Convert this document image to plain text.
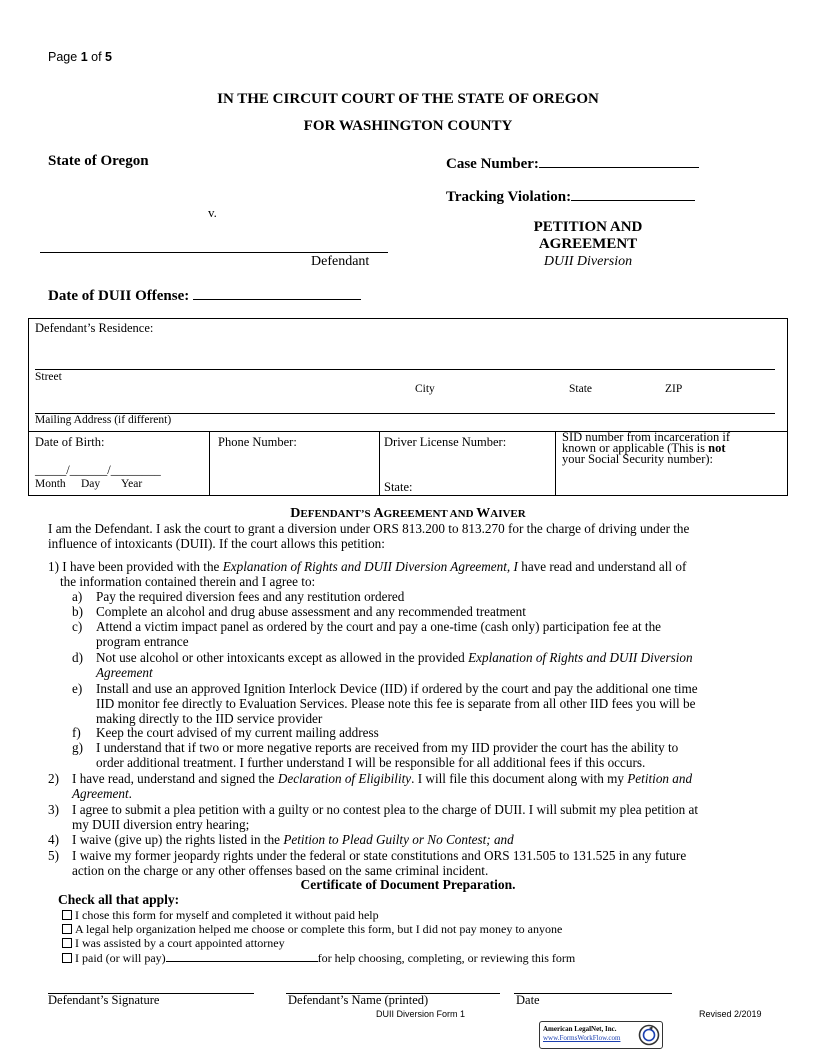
Page 1 of 5
IN THE CIRCUIT COURT OF THE STATE OF OREGON
FOR WASHINGTON COUNTY
State of Oregon	Case Number:
Tracking Violation:
v.
Defendant
PETITION AND
AGREEMENT
DUII Diversion
Date of DUII Offense:
Defendant’s Residence:
Street
City	State	ZIP
Mailing Address (if different)
Date of Birth:
_____/______/________
Month Day Year
Phone Number:	Driver License Number:
State:
SID number from incarceration if
known or applicable (This is not
your Social Security number):
DEFENDANT’S AGREEMENT AND WAIVER
I am the Defendant. I ask the court to grant a diversion under ORS 813.200 to 813.270 for the charge of driving under the
influence of intoxicants (DUII). If the court allows this petition:
1) I have been provided with the Explanation of Rights and DUII Diversion Agreement, I have read and understand all of
the information contained therein and I agree to:
a) Pay the required diversion fees and any restitution ordered
b) Complete an alcohol and drug abuse assessment and any recommended treatment
c) Attend a victim impact panel as ordered by the court and pay a one-time (cash only) participation fee at the
program entrance
d) Not use alcohol or other intoxicants except as allowed in the provided Explanation of Rights and DUII Diversion
Agreement
e) Install and use an approved Ignition Interlock Device (IID) if ordered by the court and pay the additional one time
IID monitor fee directly to Evaluation Services. Please note this fee is separate from all other IID fees you will be
making directly to the IID service provider
f) Keep the court advised of my current mailing address
g) I understand that if two or more negative reports are received from my IID provider the court has the ability to
order additional treatment. I further understand I will be responsible for all additional fees if this occurs.
2) I have read, understand and signed the Declaration of Eligibility. I will file this document along with my Petition and
Agreement.
3) I agree to submit a plea petition with a guilty or no contest plea to the charge of DUII. I will submit my plea petition at
my DUII diversion entry hearing;
4) I waive (give up) the rights listed in the Petition to Plead Guilty or No Contest; and
5) I waive my former jeopardy rights under the federal or state constitutions and ORS 131.505 to 131.525 in any future
action on the charge or any other offenses based on the same criminal incident.
Certificate of Document Preparation.
Check all that apply:
I chose this form for myself and completed it without paid help
A legal help organization helped me choose or complete this form, but I did not pay money to anyone
I was assisted by a court appointed attorney
I paid (or will pay)	for help choosing, completing, or reviewing this form
Defendant’s Signature	Defendant’s Name (printed)	Date
DUII Diversion Form 1	Revised 2/2019
American LegalNet, Inc.
www.FormsWorkFlow.com
